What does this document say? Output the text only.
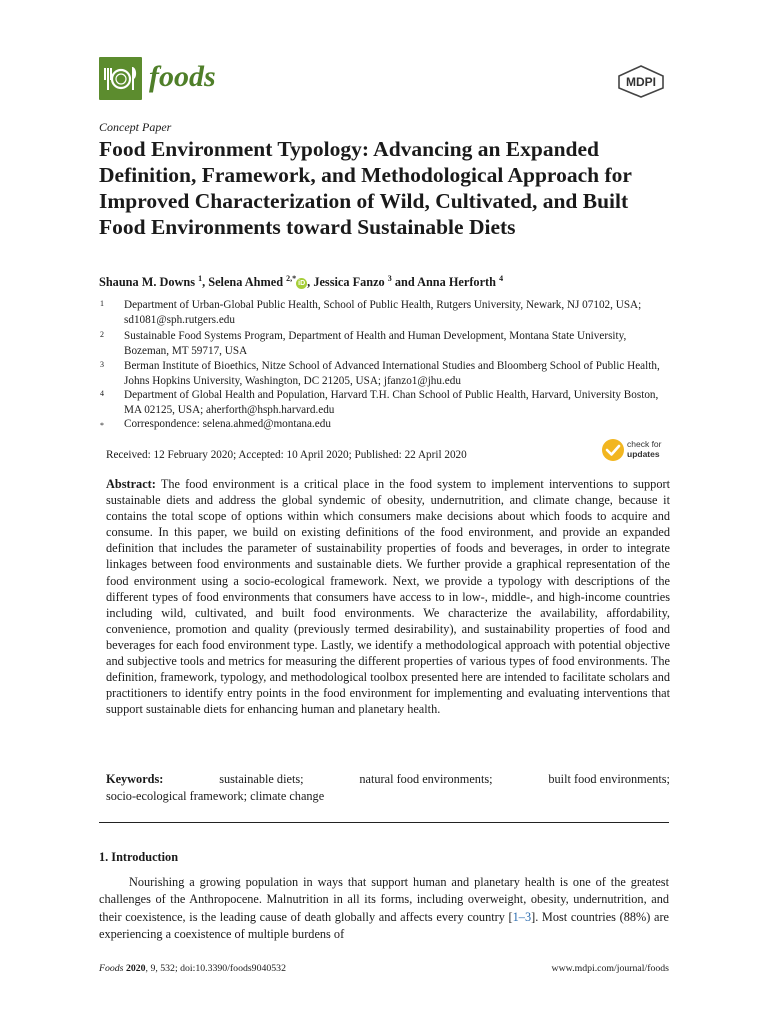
foods	MDPI
Concept Paper
Food Environment Typology: Advancing an Expanded Definition, Framework, and Methodological Approach for Improved Characterization of Wild, Cultivated, and Built Food Environments toward Sustainable Diets
Shauna M. Downs $^1$, Selena Ahmed $^{2,*}$iD , Jessica Fanzo $^3$ and Anna Herforth $^4$
1 Department of Urban-Global Public Health, School of Public Health, Rutgers University, Newark, NJ 07102, USA; sd1081@sph.rutgers.edu
2 Sustainable Food Systems Program, Department of Health and Human Development, Montana State University, Bozeman, MT 59717, USA
3 Berman Institute of Bioethics, Nitze School of Advanced International Studies and Bloomberg School of Public Health, Johns Hopkins University, Washington, DC 21205, USA; jfanzo1@jhu.edu
4 Department of Global Health and Population, Harvard T.H. Chan School of Public Health, Harvard, University Boston, MA 02125, USA; aherforth@hsph.harvard.edu
* Correspondence: selena.ahmed@montana.edu
Received: 12 February 2020; Accepted: 10 April 2020; Published: 22 April 2020
check for
updates
Abstract: The food environment is a critical place in the food system to implement interventions to support sustainable diets and address the global syndemic of obesity, undernutrition, and climate change, because it contains the total scope of options within which consumers make decisions about which foods to acquire and consume. In this paper, we build on existing definitions of the food environment, and provide an expanded definition that includes the parameter of sustainability properties of foods and beverages, in order to integrate linkages between food environments and sustainable diets. We further provide a graphical representation of the food environment using a socio-ecological framework. Next, we provide a typology with descriptions of the different types of food environments that consumers have access to in low-, middle-, and high-income countries including wild, cultivated, and built food environments. We characterize the availability, affordability, convenience, promotion and quality (previously termed desirability), and sustainability properties of food and beverages for each food environment type. Lastly, we identify a methodological approach with potential objective and subjective tools and metrics for measuring the different properties of various types of food environments. The definition, framework, typology, and methodological toolbox presented here are intended to facilitate scholars and practitioners to identify entry points in the food environment for implementing and evaluating interventions that support sustainable diets for enhancing human and planetary health.
Keywords:	sustainable diets;	natural food environments;	built food environments;
socio-ecological framework; climate change
1. Introduction
Nourishing a growing population in ways that support human and planetary health is one of the greatest challenges of the Anthropocene. Malnutrition in all its forms, including overweight, obesity, undernutrition, and their coexistence, is the leading cause of death globally and affects every country [1–3]. Most countries (88%) are experiencing a coexistence of multiple burdens of
Foods 2020, 9, 532; doi:10.3390/foods9040532	www.mdpi.com/journal/foods
